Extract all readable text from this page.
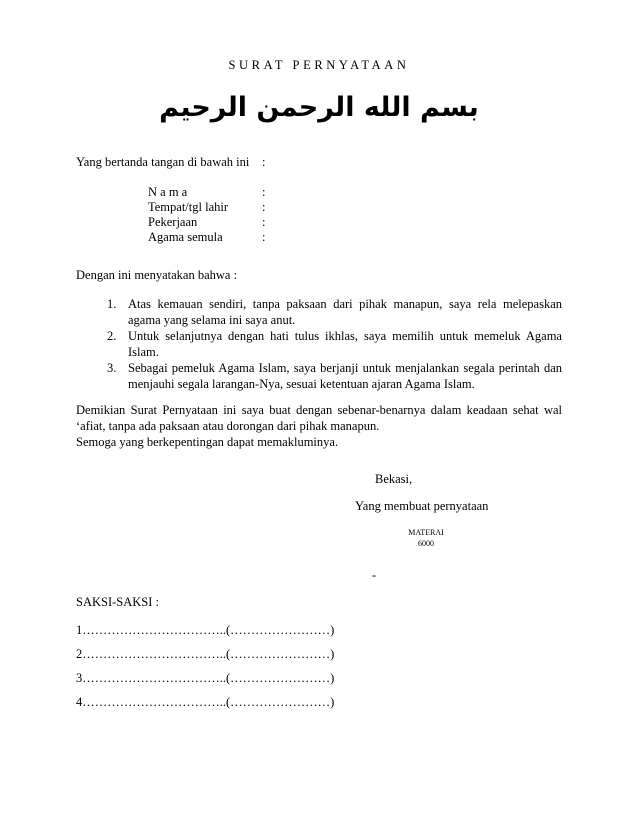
SURAT PERNYATAAN
بسم الله الرحمن الرحيم
Yang bertanda tangan di bawah ini :
N a m a	:
Tempat/tgl lahir	:
Pekerjaan	:
Agama semula	:
Dengan ini menyatakan bahwa :
1. Atas kemauan sendiri, tanpa paksaan dari pihak manapun, saya rela melepaskan agama yang selama ini saya anut.
2. Untuk selanjutnya dengan hati tulus ikhlas, saya memilih untuk memeluk Agama Islam.
3. Sebagai pemeluk Agama Islam, saya berjanji untuk menjalankan segala perintah dan menjauhi segala larangan-Nya, sesuai ketentuan ajaran Agama Islam.
Demikian Surat Pernyataan ini saya buat dengan sebenar-benarnya dalam keadaan sehat wal ‘afiat, tanpa ada paksaan atau dorongan dari pihak manapun.
Semoga yang berkepentingan dapat memakluminya.
Bekasi,
Yang membuat pernyataan
MATERAI
6000
-
SAKSI-SAKSI :
1……………………………..(……………………)
2……………………………..(……………………)
3……………………………..(……………………)
4……………………………..(……………………)
